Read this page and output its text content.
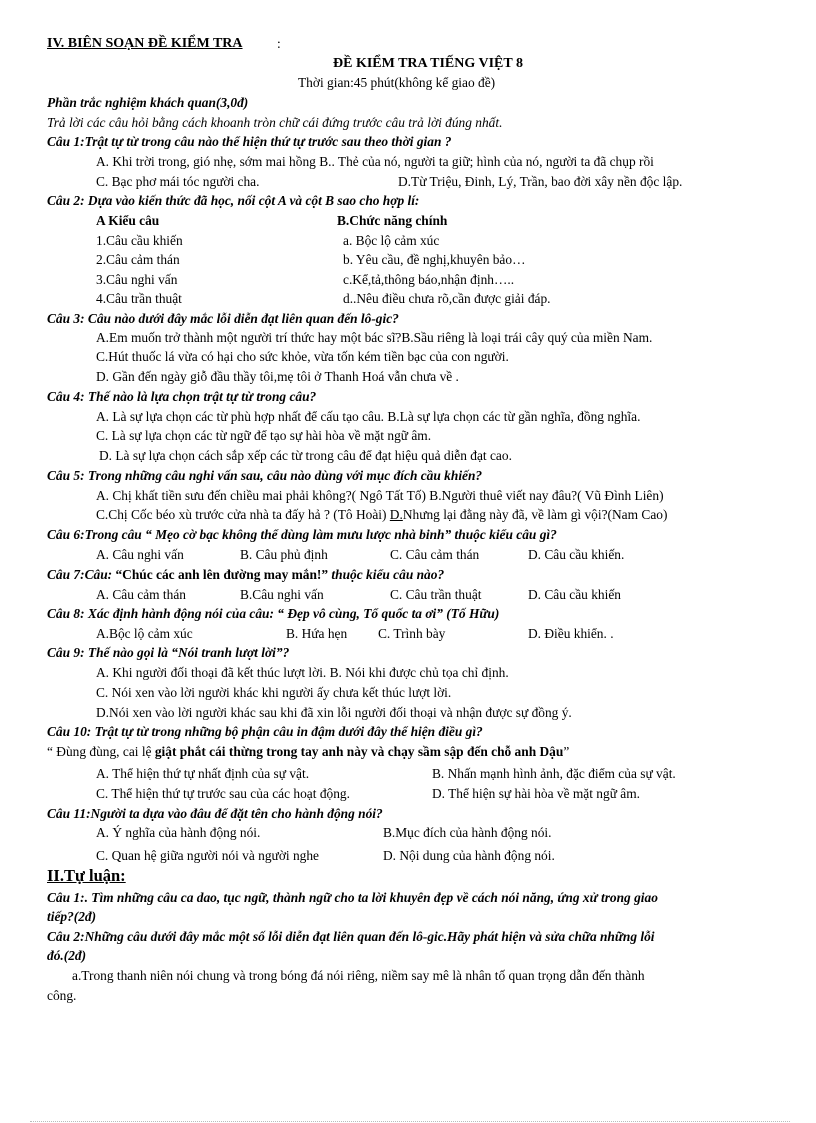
IV. BIÊN SOẠN ĐỀ KIỂM TRA	:
ĐỀ KIỂM TRA TIẾNG VIỆT 8
Thời gian:45 phút(không kể giao đề)
Phần trắc nghiệm khách quan(3,0đ)
Trả lời các câu hỏi bằng cách khoanh tròn chữ cái đứng trước câu trả lời đúng nhất.
Câu 1:Trật tự từ trong câu nào thể hiện thứ tự trước sau theo thời gian ?
A. Khi trời trong, gió nhẹ, sớm mai hồng B.. Thẻ của nó, người ta giữ; hình của nó, người ta đã chụp rồi
C. Bạc phơ mái tóc người cha.	D.Từ Triệu, Đinh, Lý, Trần, bao đời xây nền độc lập.
Câu 2: Dựa vào kiến thức đã học, nối cột A và cột B sao cho hợp lí:
A Kiểu câu	B.Chức năng chính
1.Câu cầu khiến	a. Bộc lộ cảm xúc
2.Câu cảm thán	b. Yêu cầu, đề nghị,khuyên bảo…
3.Câu nghi vấn	c.Kể,tả,thông báo,nhận định…..
4.Câu trần thuật	d..Nêu điều chưa rõ,cần được giải đáp.
Câu 3: Câu nào dưới đây mắc lỗi diễn đạt liên quan đến lô-gic?
A.Em muốn trở thành một người trí thức hay một bác sĩ?B.Sầu riêng là loại trái cây quý của miền Nam.
C.Hút thuốc lá vừa có hại cho sức khỏe, vừa tốn kém tiền bạc của con người.
D. Gần đến ngày giỗ đầu thầy tôi,mẹ tôi ở Thanh Hoá vẫn chưa về .
Câu 4: Thế nào là lựa chọn trật tự từ trong câu?
A. Là sự lựa chọn các từ phù hợp nhất để cấu tạo câu. B.Là sự lựa chọn các từ gần nghĩa, đồng nghĩa.
C. Là sự lựa chọn các từ ngữ để tạo sự hài hòa về mặt ngữ âm.
D. Là sự lựa chọn cách sắp xếp các từ trong câu để đạt hiệu quả diễn đạt cao.
Câu 5: Trong những câu nghi vấn sau, câu nào dùng với mục đích cầu khiến?
A. Chị khất tiền sưu đến chiều mai phải không?( Ngô Tất Tố) B.Người thuê viết nay đâu?( Vũ Đình Liên)
C.Chị Cốc béo xù trước cửa nhà ta đấy hả ? (Tô Hoài) D.Nhưng lại đằng này đã, về làm gì vội?(Nam Cao)
Câu 6:Trong câu “ Mẹo cờ bạc không thể dùng làm mưu lược nhà binh” thuộc kiểu câu gì?
A. Câu nghi vấn	B. Câu phủ định	C. Câu cảm thán	D. Câu cầu khiến.
Câu 7:Câu: “Chúc các anh lên đường may mắn!” thuộc kiểu câu nào?
A. Câu cảm thán	B.Câu nghi vấn	C. Câu trần thuật	D. Câu cầu khiến
Câu 8: Xác định hành động nói của câu: “ Đẹp vô cùng, Tổ quốc ta ơi” (Tố Hữu)
A.Bộc lộ cảm xúc	B. Hứa hẹn C. Trình bày	D. Điều khiển. .
Câu 9: Thế nào gọi là “Nói tranh lượt lời”?
A. Khi người đối thoại đã kết thúc lượt lời. B. Nói khi được chủ tọa chỉ định.
C. Nói xen vào lời người khác khi người ấy chưa kết thúc lượt lời.
D.Nói xen vào lời người khác sau khi đã xin lỗi người đối thoại và nhận được sự đồng ý.
Câu 10: Trật tự từ trong những bộ phận câu in đậm dưới đây thể hiện điều gì?
“ Đùng đùng, cai lệ giật phắt cái thừng trong tay anh này và chạy sầm sập đến chỗ anh Dậu”
A. Thể hiện thứ tự nhất định của sự vật.	B. Nhấn mạnh hình ảnh, đặc điểm của sự vật.
C. Thể hiện thứ tự trước sau của các hoạt động.	D. Thể hiện sự hài hòa về mặt ngữ âm.
Câu 11:Người ta dựa vào đâu để đặt tên cho hành động nói?
A. Ý nghĩa của hành động nói.	B.Mục đích của hành động nói.
C. Quan hệ giữa người nói và người nghe	D. Nội dung của hành động nói.
II.Tự luận:
Câu 1:. Tìm những câu ca dao, tục ngữ, thành ngữ cho ta lời khuyên đẹp về cách nói năng, ứng xử trong giao
tiếp?(2đ)
Câu 2:Những câu dưới đây mắc một số lỗi diễn đạt liên quan đến lô-gic.Hãy phát hiện và sửa chữa những lỗi
đó.(2đ)
a.Trong thanh niên nói chung và trong bóng đá nói riêng, niềm say mê là nhân tố quan trọng dẫn đến thành
công.
